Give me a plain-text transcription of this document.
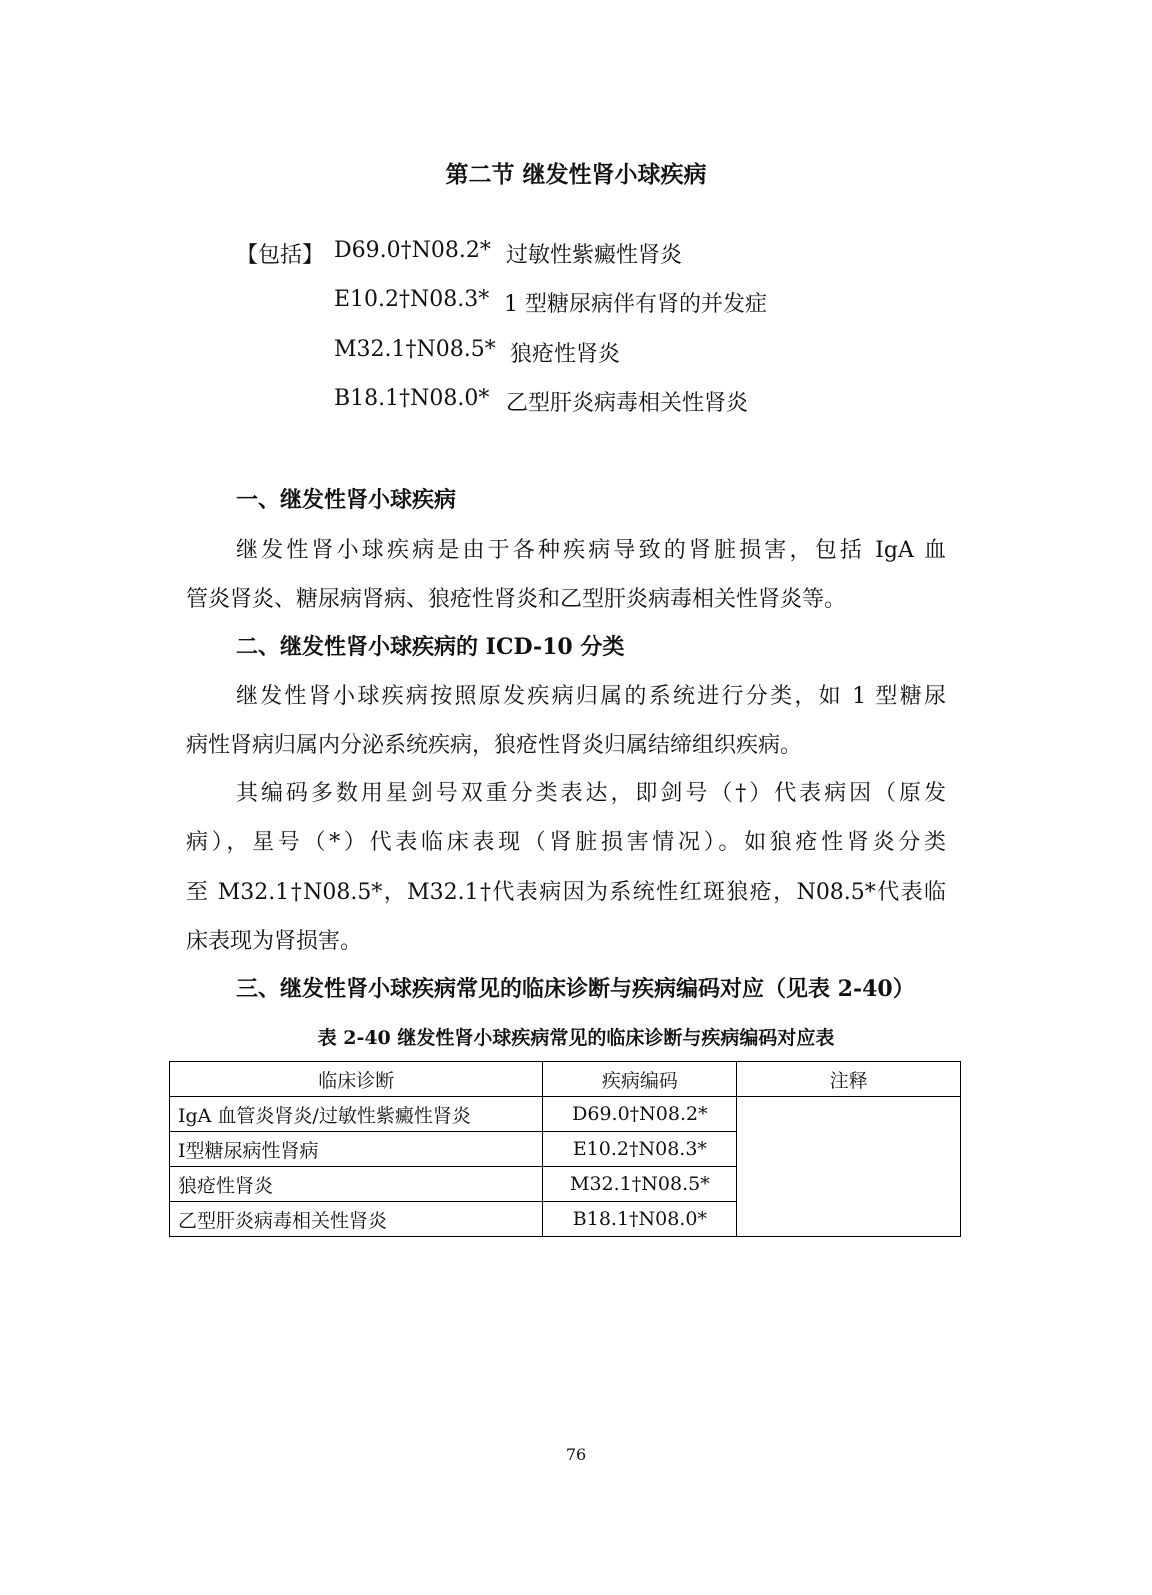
第二节 继发性肾小球疾病
【包括】 D69.0†N08.2* 过敏性紫癜性肾炎
E10.2†N08.3* 1 型糖尿病伴有肾的并发症
M32.1†N08.5* 狼疮性肾炎
B18.1†N08.0* 乙型肝炎病毒相关性肾炎
一、继发性肾小球疾病
继发性肾小球疾病是由于各种疾病导致的肾脏损害，包括 IgA 血
管炎肾炎、糖尿病肾病、狼疮性肾炎和乙型肝炎病毒相关性肾炎等。
二、继发性肾小球疾病的 ICD-10 分类
继发性肾小球疾病按照原发疾病归属的系统进行分类，如 1 型糖尿
病性肾病归属内分泌系统疾病，狼疮性肾炎归属结缔组织疾病。
其编码多数用星剑号双重分类表达，即剑号（†）代表病因（原发
病），星号（*）代表临床表现（肾脏损害情况）。如狼疮性肾炎分类
至 M32.1†N08.5*，M32.1†代表病因为系统性红斑狼疮，N08.5*代表临
床表现为肾损害。
三、继发性肾小球疾病常见的临床诊断与疾病编码对应（见表 2-40）
表 2-40 继发性肾小球疾病常见的临床诊断与疾病编码对应表
临床诊断	疾病编码	注释
IgA 血管炎肾炎/过敏性紫癜性肾炎	D69.0†N08.2*	
I型糖尿病性肾病	E10.2†N08.3*	
狼疮性肾炎	M32.1†N08.5*	
乙型肝炎病毒相关性肾炎	B18.1†N08.0*	
76
